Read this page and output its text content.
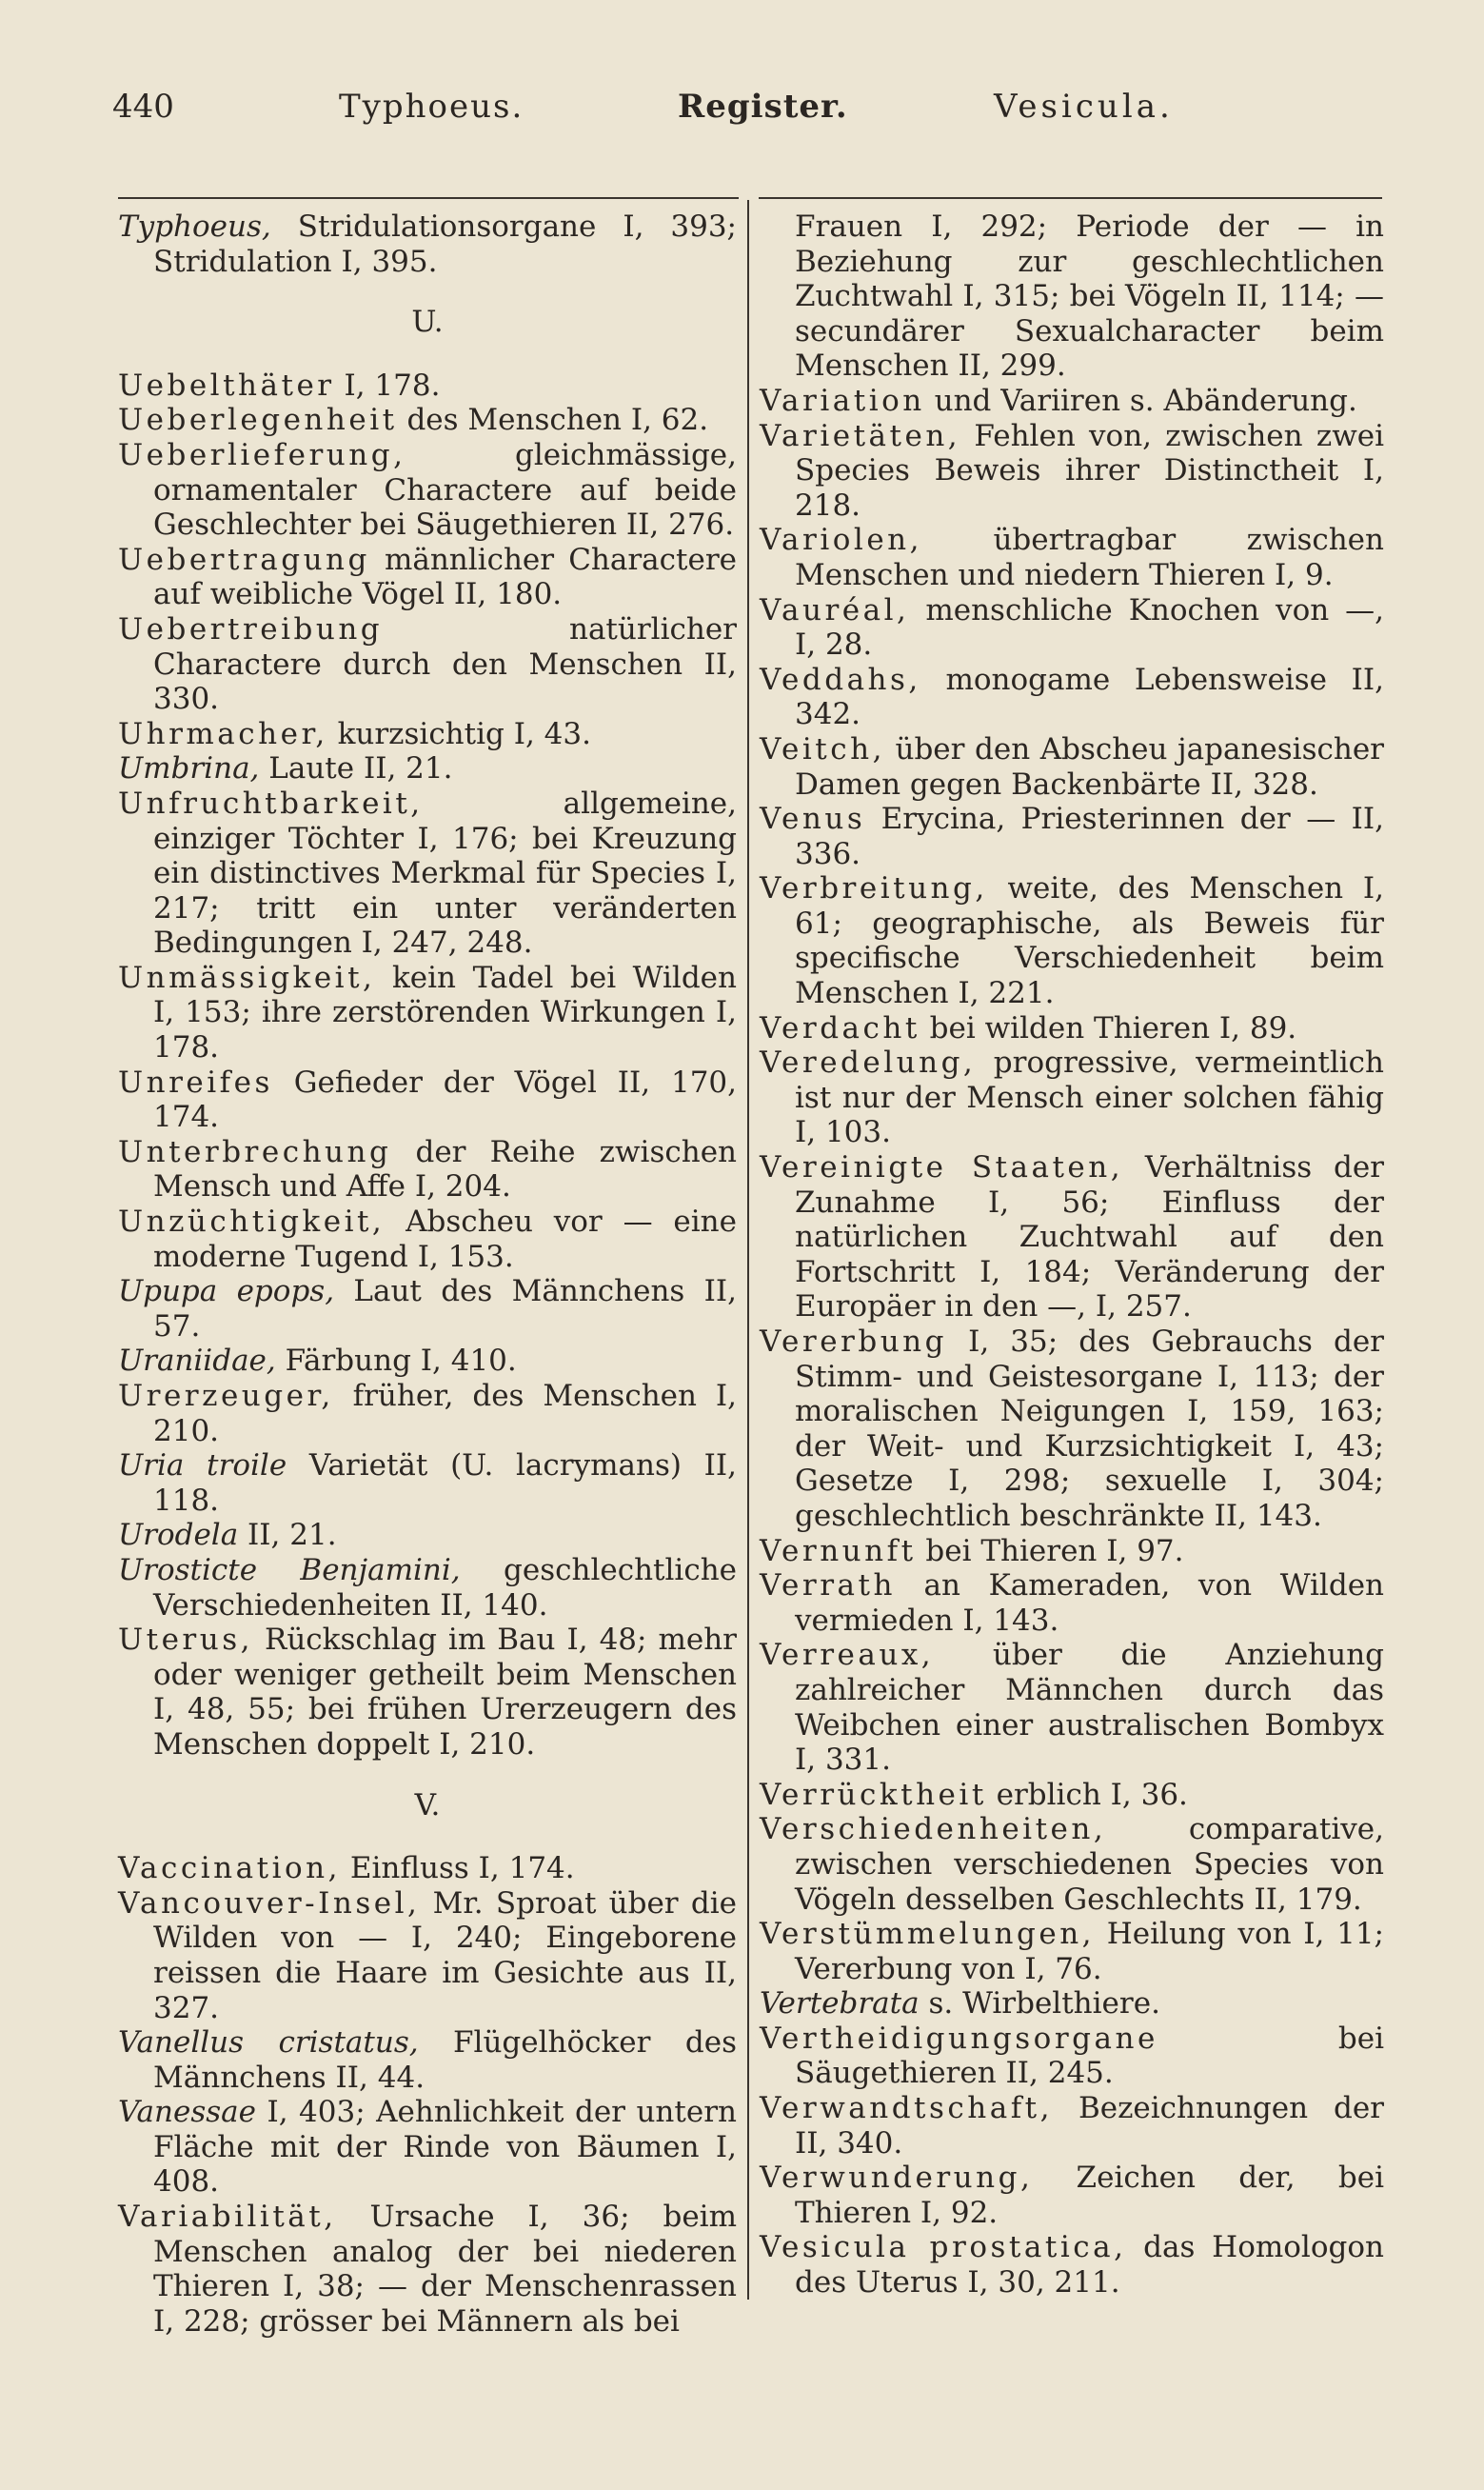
440	Typhoeus.	Register.	Vesicula.

Typhoeus, Stridulationsorgane I, 393; Stridulation I, 395.

U.

Uebelthäter I, 178.

Ueberlegenheit des Menschen I, 62.

Ueberlieferung, gleichmässige, ornamentaler Charactere auf beide Geschlechter bei Säugethieren II, 276.

Uebertragung männlicher Charactere auf weibliche Vögel II, 180.

Uebertreibung natürlicher Charactere durch den Menschen II, 330.

Uhrmacher, kurzsichtig I, 43.

Umbrina, Laute II, 21.

Unfruchtbarkeit, allgemeine, einziger Töchter I, 176; bei Kreuzung ein distinctives Merkmal für Species I, 217; tritt ein unter veränderten Bedingungen I, 247, 248.

Unmässigkeit, kein Tadel bei Wilden I, 153; ihre zerstörenden Wirkungen I, 178.

Unreifes Gefieder der Vögel II, 170, 174.

Unterbrechung der Reihe zwischen Mensch und Affe I, 204.

Unzüchtigkeit, Abscheu vor — eine moderne Tugend I, 153.

Upupa epops, Laut des Männchens II, 57.

Uraniidae, Färbung I, 410.

Urerzeuger, früher, des Menschen I, 210.

Uria troile Varietät (U. lacrymans) II, 118.

Urodela II, 21.

Urosticte Benjamini, geschlechtliche Verschiedenheiten II, 140.

Uterus, Rückschlag im Bau I, 48; mehr oder weniger getheilt beim Menschen I, 48, 55; bei frühen Urerzeugern des Menschen doppelt I, 210.

V.

Vaccination, Einfluss I, 174.

Vancouver-Insel, Mr. Sproat über die Wilden von — I, 240; Eingeborene reissen die Haare im Gesichte aus II, 327.

Vanellus cristatus, Flügelhöcker des Männchens II, 44.

Vanessae I, 403; Aehnlichkeit der untern Fläche mit der Rinde von Bäumen I, 408.

Variabilität, Ursache I, 36; beim Menschen analog der bei niederen Thieren I, 38; — der Menschenrassen I, 228; grösser bei Männern als bei

Frauen I, 292; Periode der — in Beziehung zur geschlechtlichen Zuchtwahl I, 315; bei Vögeln II, 114; — secundärer Sexualcharacter beim Menschen II, 299.

Variation und Variiren s. Abänderung.

Varietäten, Fehlen von, zwischen zwei Species Beweis ihrer Distinctheit I, 218.

Variolen, übertragbar zwischen Menschen und niedern Thieren I, 9.

Vauréal, menschliche Knochen von —, I, 28.

Veddahs, monogame Lebensweise II, 342.

Veitch, über den Abscheu japanesischer Damen gegen Backenbärte II, 328.

Venus Erycina, Priesterinnen der — II, 336.

Verbreitung, weite, des Menschen I, 61; geographische, als Beweis für specifische Verschiedenheit beim Menschen I, 221.

Verdacht bei wilden Thieren I, 89.

Veredelung, progressive, vermeintlich ist nur der Mensch einer solchen fähig I, 103.

Vereinigte Staaten, Verhältniss der Zunahme I, 56; Einfluss der natürlichen Zuchtwahl auf den Fortschritt I, 184; Veränderung der Europäer in den —, I, 257.

Vererbung I, 35; des Gebrauchs der Stimm- und Geistesorgane I, 113; der moralischen Neigungen I, 159, 163; der Weit- und Kurzsichtigkeit I, 43; Gesetze I, 298; sexuelle I, 304; geschlechtlich beschränkte II, 143.

Vernunft bei Thieren I, 97.

Verrath an Kameraden, von Wilden vermieden I, 143.

Verreaux, über die Anziehung zahlreicher Männchen durch das Weibchen einer australischen Bombyx I, 331.

Verrücktheit erblich I, 36.

Verschiedenheiten, comparative, zwischen verschiedenen Species von Vögeln desselben Geschlechts II, 179.

Verstümmelungen, Heilung von I, 11; Vererbung von I, 76.

Vertebrata s. Wirbelthiere.

Vertheidigungsorgane bei Säugethieren II, 245.

Verwandtschaft, Bezeichnungen der II, 340.

Verwunderung, Zeichen der, bei Thieren I, 92.

Vesicula prostatica, das Homologon des Uterus I, 30, 211.
